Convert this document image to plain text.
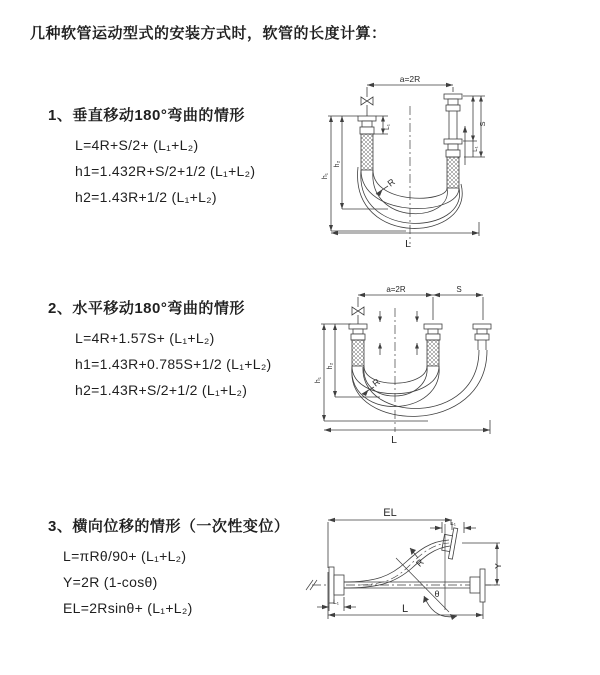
几种软管运动型式的安装方式时，软管的长度计算：
1、垂直移动180°弯曲的情形
L=4R+S/2+ (L₁+L₂)
h1=1.432R+S/2+1/2 (L₁+L₂)
h2=1.43R+1/2 (L₁+L₂)
2、水平移动180°弯曲的情形
L=4R+1.57S+ (L₁+L₂)
h1=1.43R+0.785S+1/2 (L₁+L₂)
h2=1.43R+S/2+1/2 (L₁+L₂)
3、横向位移的情形（一次性变位）
L=πRθ/90+ (L₁+L₂)
Y=2R (1-cosθ)
EL=2Rsinθ+ (L₁+L₂)
a=2R
L₁
S
L₁
h₁
h₂
R
L
a=2R	S
h₁
h₂
R
L
EL
L₁
Y
R
θ
L
L₁
